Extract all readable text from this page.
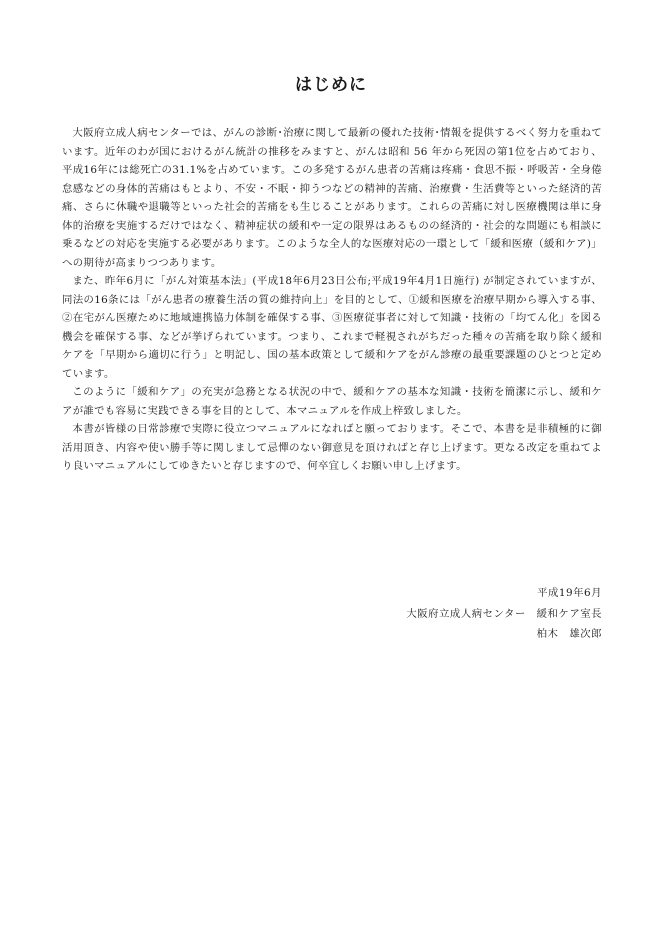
はじめに

大阪府立成人病センターでは、がんの診断･治療に関して最新の優れた技術･情報を提供するべく努力を重ねています。近年のわが国におけるがん統計の推移をみますと、がんは昭和 56 年から死因の第1位を占めており、平成16年には総死亡の31.1%を占めています。この多発するがん患者の苦痛は疼痛・食思不振・呼吸苦・全身倦怠感などの身体的苦痛はもとより、不安・不眠・抑うつなどの精神的苦痛、治療費・生活費等といった経済的苦痛、さらに休職や退職等といった社会的苦痛をも生じることがあります。これらの苦痛に対し医療機関は単に身体的治療を実施するだけではなく、精神症状の緩和や一定の限界はあるものの経済的・社会的な問題にも相談に乗るなどの対応を実施する必要があります。このような全人的な医療対応の一環として「緩和医療（緩和ケア)」への期待が高まりつつあります。

また、昨年6月に「がん対策基本法」(平成18年6月23日公布;平成19年4月1日施行) が制定されていますが、同法の16条には「がん患者の療養生活の質の維持向上」を目的として、①緩和医療を治療早期から導入する事、②在宅がん医療ために地域連携協力体制を確保する事、③医療従事者に対して知識・技術の「均てん化」を図る機会を確保する事、などが挙げられています。つまり、これまで軽視されがちだった種々の苦痛を取り除く緩和ケアを「早期から適切に行う」と明記し、国の基本政策として緩和ケアをがん診療の最重要課題のひとつと定めています。

このように「緩和ケア」の充実が急務となる状況の中で、緩和ケアの基本な知識・技術を簡潔に示し、緩和ケアが誰でも容易に実践できる事を目的として、本マニュアルを作成上梓致しました。

本書が皆様の日常診療で実際に役立つマニュアルになればと願っております。そこで、本書を是非積極的に御活用頂き、内容や使い勝手等に関しまして忌憚のない御意見を頂ければと存じ上げます。更なる改定を重ねてより良いマニュアルにしてゆきたいと存じますので、何卒宜しくお願い申し上げます。

平成19年6月
大阪府立成人病センター　緩和ケア室長
柏木　雄次郎
